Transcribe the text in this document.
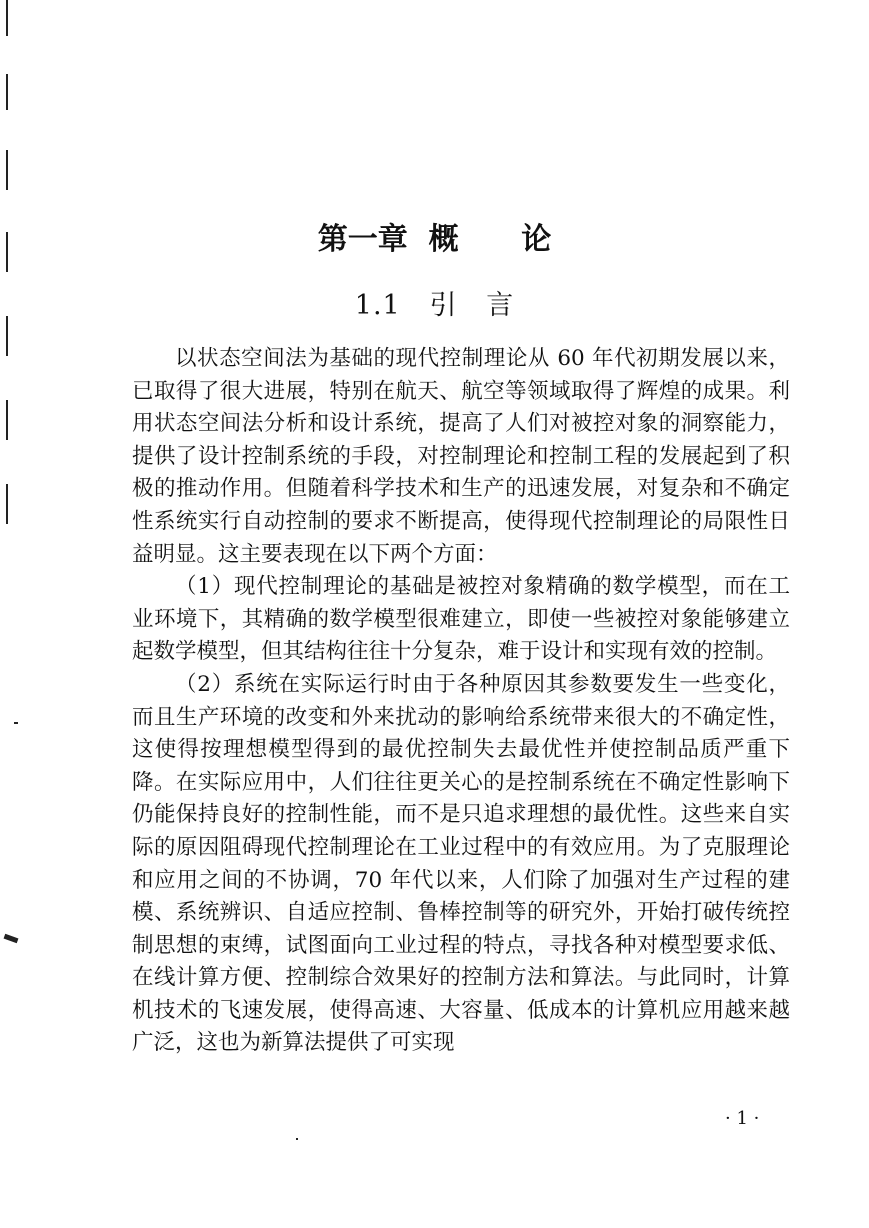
第一章  概      论
1.1   引   言

以状态空间法为基础的现代控制理论从 60 年代初期发展以来，已取得了很大进展，特别在航天、航空等领域取得了辉煌的成果。利用状态空间法分析和设计系统，提高了人们对被控对象的洞察能力，提供了设计控制系统的手段，对控制理论和控制工程的发展起到了积极的推动作用。但随着科学技术和生产的迅速发展，对复杂和不确定性系统实行自动控制的要求不断提高，使得现代控制理论的局限性日益明显。这主要表现在以下两个方面：

（1）现代控制理论的基础是被控对象精确的数学模型，而在工业环境下，其精确的数学模型很难建立，即使一些被控对象能够建立起数学模型，但其结构往往十分复杂，难于设计和实现有效的控制。

（2）系统在实际运行时由于各种原因其参数要发生一些变化，而且生产环境的改变和外来扰动的影响给系统带来很大的不确定性，这使得按理想模型得到的最优控制失去最优性并使控制品质严重下降。在实际应用中，人们往往更关心的是控制系统在不确定性影响下仍能保持良好的控制性能，而不是只追求理想的最优性。这些来自实际的原因阻碍现代控制理论在工业过程中的有效应用。为了克服理论和应用之间的不协调，70 年代以来，人们除了加强对生产过程的建模、系统辨识、自适应控制、鲁棒控制等的研究外，开始打破传统控制思想的束缚，试图面向工业过程的特点，寻找各种对模型要求低、在线计算方便、控制综合效果好的控制方法和算法。与此同时，计算机技术的飞速发展，使得高速、大容量、低成本的计算机应用越来越广泛，这也为新算法提供了可实现

· 1 ·
